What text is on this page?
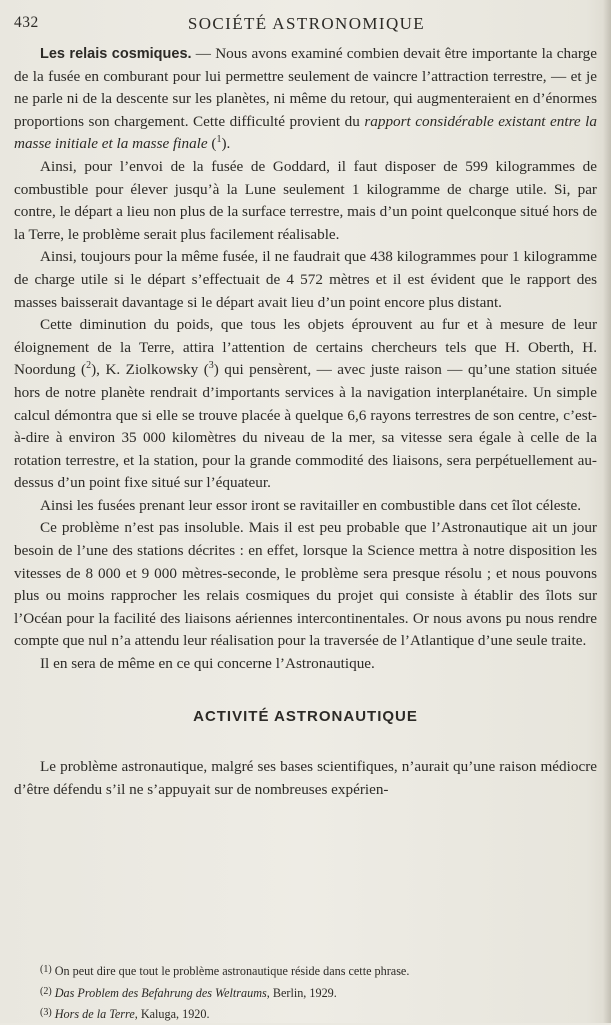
432	SOCIÉTÉ ASTRONOMIQUE

Les relais cosmiques. — Nous avons examiné combien devait être importante la charge de la fusée en comburant pour lui permettre seulement de vaincre l’attraction terrestre, — et je ne parle ni de la descente sur les planètes, ni même du retour, qui augmenteraient en d’énormes proportions son chargement. Cette difficulté provient du rapport considérable existant entre la masse initiale et la masse finale ($^1$).

Ainsi, pour l’envoi de la fusée de Goddard, il faut disposer de 599 kilogrammes de combustible pour élever jusqu’à la Lune seulement 1 kilogramme de charge utile. Si, par contre, le départ a lieu non plus de la surface terrestre, mais d’un point quelconque situé hors de la Terre, le problème serait plus facilement réalisable.

Ainsi, toujours pour la même fusée, il ne faudrait que 438 kilogrammes pour 1 kilogramme de charge utile si le départ s’effectuait de 4 572 mètres et il est évident que le rapport des masses baisserait davantage si le départ avait lieu d’un point encore plus distant.

Cette diminution du poids, que tous les objets éprouvent au fur et à mesure de leur éloignement de la Terre, attira l’attention de certains chercheurs tels que H. Oberth, H. Noordung ($^2$), K. Ziolkowsky ($^3$) qui pensèrent, — avec juste raison — qu’une station située hors de notre planète rendrait d’importants services à la navigation interplanétaire. Un simple calcul démontra que si elle se trouve placée à quelque 6,6 rayons terrestres de son centre, c’est-à-dire à environ 35 000 kilomètres du niveau de la mer, sa vitesse sera égale à celle de la rotation terrestre, et la station, pour la grande commodité des liaisons, sera perpétuellement au-dessus d’un point fixe situé sur l’équateur.

Ainsi les fusées prenant leur essor iront se ravitailler en combustible dans cet îlot céleste.

Ce problème n’est pas insoluble. Mais il est peu probable que l’Astronautique ait un jour besoin de l’une des stations décrites : en effet, lorsque la Science mettra à notre disposition les vitesses de 8 000 et 9 000 mètres-seconde, le problème sera presque résolu ; et nous pouvons plus ou moins rapprocher les relais cosmiques du projet qui consiste à établir des îlots sur l’Océan pour la facilité des liaisons aériennes intercontinentales. Or nous avons pu nous rendre compte que nul n’a attendu leur réalisation pour la traversée de l’Atlantique d’une seule traite.

Il en sera de même en ce qui concerne l’Astronautique.

ACTIVITÉ ASTRONAUTIQUE

Le problème astronautique, malgré ses bases scientifiques, n’aurait qu’une raison médiocre d’être défendu s’il ne s’appuyait sur de nombreuses expérien-

$^{(1)}$ On peut dire que tout le problème astronautique réside dans cette phrase.
$^{(2)}$ Das Problem des Befahrung des Weltraums, Berlin, 1929.
$^{(3)}$ Hors de la Terre, Kaluga, 1920.
